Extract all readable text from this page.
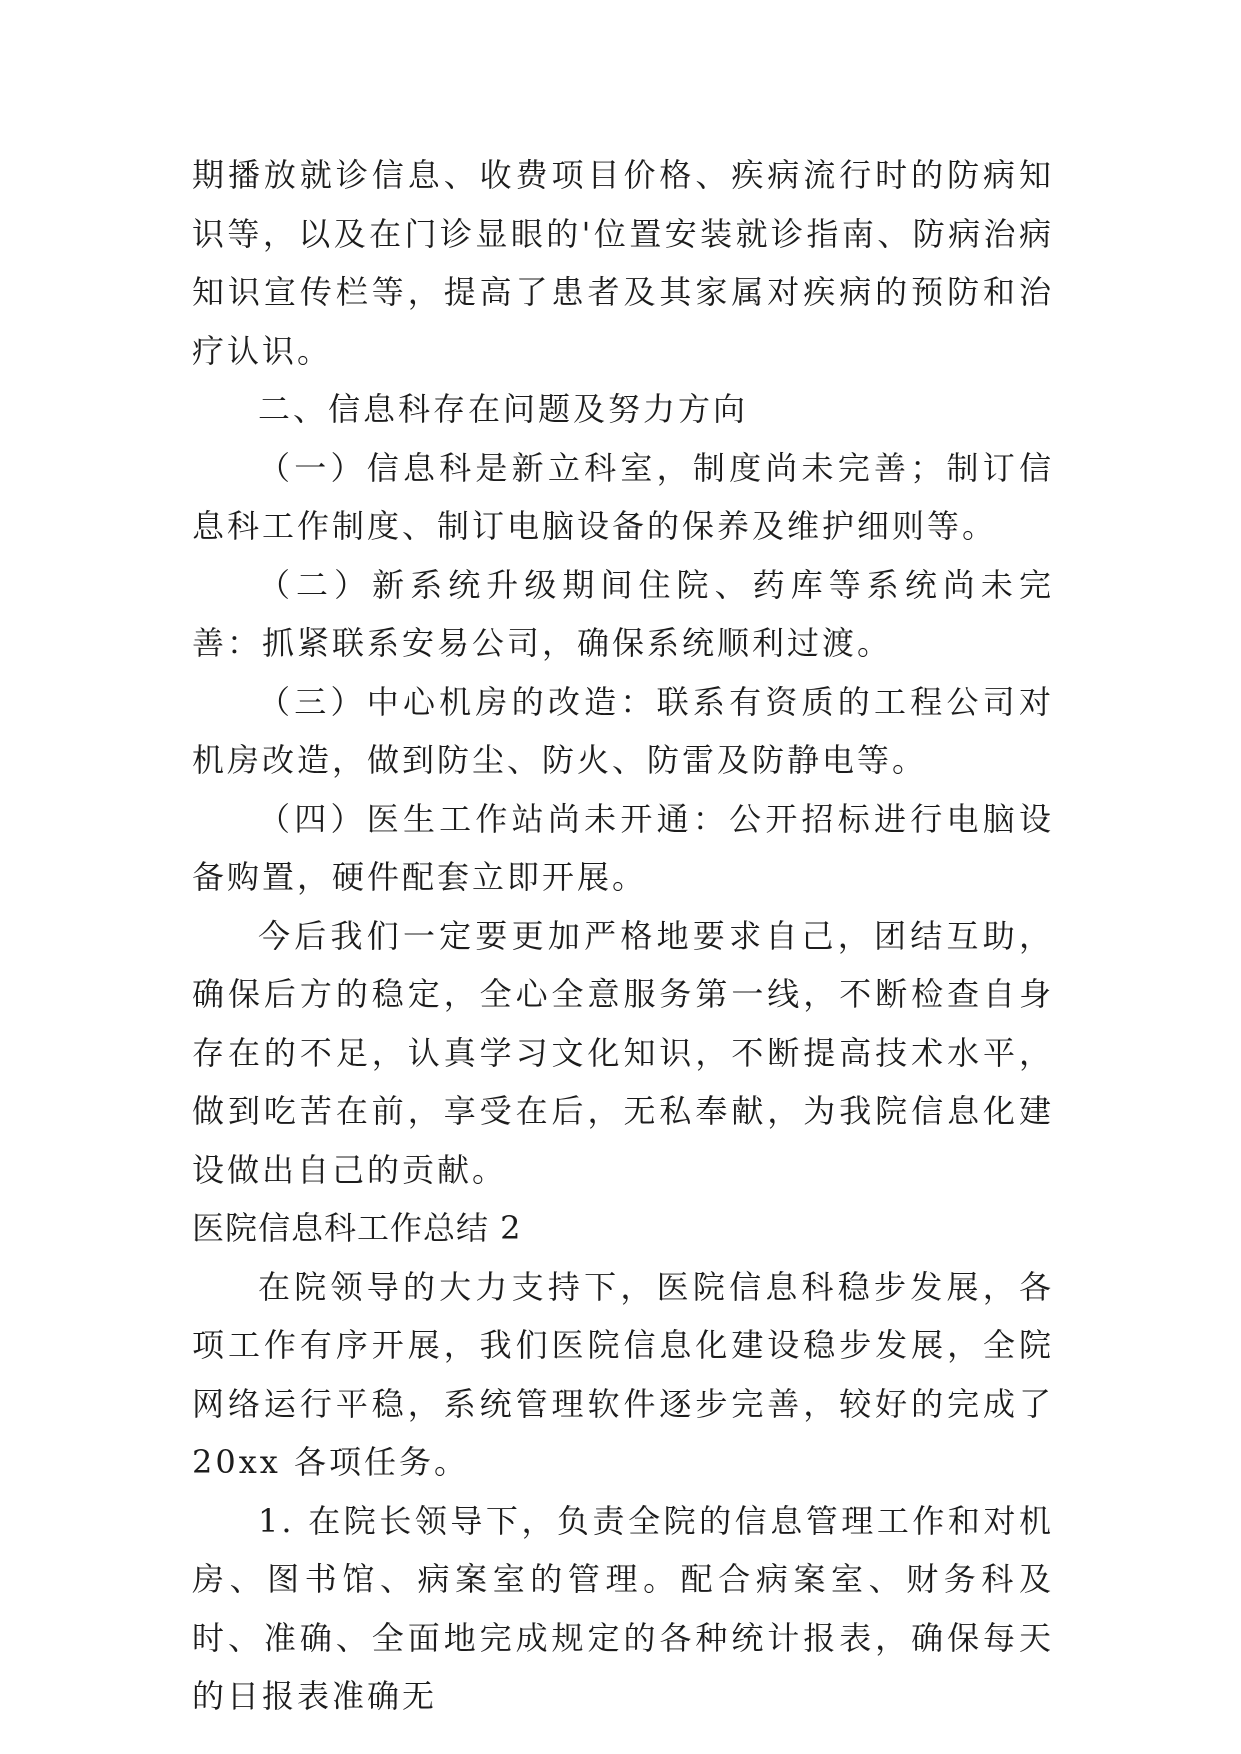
期播放就诊信息、收费项目价格、疾病流行时的防病知识等，以及在门诊显眼的'位置安装就诊指南、防病治病知识宣传栏等，提高了患者及其家属对疾病的预防和治疗认识。

二、信息科存在问题及努力方向

（一）信息科是新立科室，制度尚未完善；制订信息科工作制度、制订电脑设备的保养及维护细则等。

（二）新系统升级期间住院、药库等系统尚未完善：抓紧联系安易公司，确保系统顺利过渡。

（三）中心机房的改造：联系有资质的工程公司对机房改造，做到防尘、防火、防雷及防静电等。

（四）医生工作站尚未开通：公开招标进行电脑设备购置，硬件配套立即开展。

今后我们一定要更加严格地要求自己，团结互助，确保后方的稳定，全心全意服务第一线，不断检查自身存在的不足，认真学习文化知识，不断提高技术水平，做到吃苦在前，享受在后，无私奉献，为我院信息化建设做出自己的贡献。

医院信息科工作总结 2

在院领导的大力支持下，医院信息科稳步发展，各项工作有序开展，我们医院信息化建设稳步发展，全院网络运行平稳，系统管理软件逐步完善，较好的完成了 20xx 各项任务。

1. 在院长领导下，负责全院的信息管理工作和对机房、图书馆、病案室的管理。配合病案室、财务科及时、准确、全面地完成规定的各种统计报表，确保每天的日报表准确无
